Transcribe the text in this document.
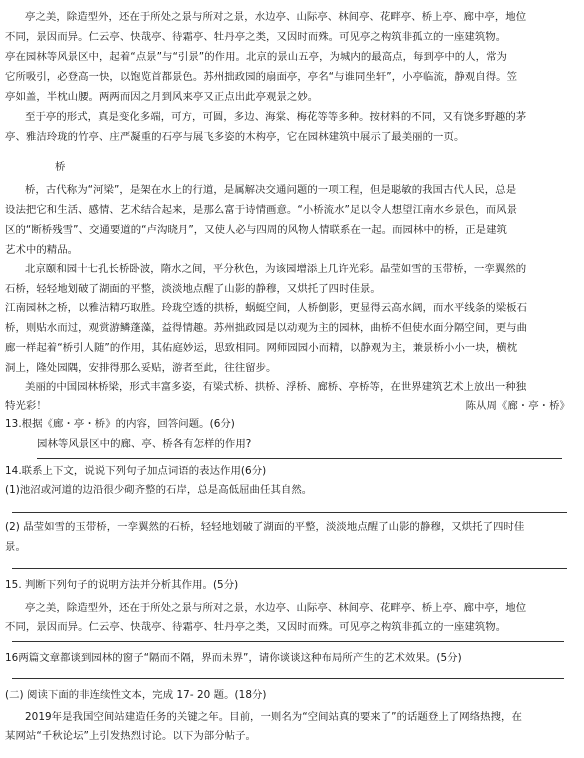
亭之美，除造型外，还在于所处之景与所对之景，水边亭、山际亭、林间亭、花畔亭、桥上亭、廊中亭，地位
不同，景因而异。仁云亭、快哉亭、待霜亭、牡丹亭之类，又因时而殊。可见亭之构筑非孤立的一座建筑物。
亭在园林等风景区中，起着“点景”与“引景”的作用。北京的景山五亭，为城内的最高点，每到亭中的人，常为
它所吸引，必登高一快，以饱览首都景色。苏州拙政园的扇面亭，亭名“与谁同坐轩”，小亭临流，静观自得。笠
亭如盖，半枕山腰。两两而因之月到风来亭又正点出此亭观景之妙。
至于亭的形式，真是变化多端，可方，可圆，多边、海棠、梅花等等多种。按材料的不同，又有饶多野趣的茅
亭、雅洁玲珑的竹亭、庄严凝重的石亭与展飞多姿的木构亭，它在园林建筑中展示了最美丽的一页。
桥
桥，古代称为“河梁”，是架在水上的行道，是属解决交通问题的一项工程，但是聪敏的我国古代人民，总是
设法把它和生活、感情、艺术结合起来，是那么富于诗情画意。“小桥流水”足以令人想望江南水乡景色，而风景
区的“断桥残雪”、交通要道的“卢沟晓月”，又使人必与四周的风物人情联系在一起。而园林中的桥，正是建筑
艺术中的精品。
北京颐和园十七孔长桥卧波，隋水之间，平分秋色，为该园增添上几许光彩。晶莹如雪的玉带桥，一孪翼然的
石桥，轻轻地划破了湖面的平整，淡淡地点醒了山影的静穆，又烘托了四时佳景。
江南园林之桥，以雅洁精巧取胜。玲珑空透的拱桥，蜗蜓空间，人桥倒影，更显得云高水阔，而水平线条的梁板石
桥，则贴水而过，观赏游鳞蓬藻，益得情趣。苏州拙政园是以动观为主的园林，曲桥不但使水面分隔空间，更与曲
廊一样起着“桥引人随”的作用，其佑庭妙运，思致相同。网师园园小而精，以静观为主，兼景桥小小一块，横枕
洞上，隆处园隅，安排得那么妥贴，游者至此，往往留步。
美丽的中国园林桥梁，形式丰富多姿，有梁式桥、拱桥、浮桥、廊桥、亭桥等，在世界建筑艺术上放出一种独
特光彩！	陈从周《廊・亭・桥》
13.根据《廊・亭・桥》的内容，回答问题。(6分)
园林等风景区中的廊、亭、桥各有怎样的作用?
14.联系上下文，说说下列句子加点词语的表达作用(6分)
(1)池沼或河道的边沿很少砌齐整的石岸，总是高低屈曲任其自然。
(2) 晶莹如雪的玉带桥，一孪翼然的石桥，轻轻地划破了湖面的平整，淡淡地点醒了山影的静穆，又烘托了四时佳
景。
15. 判断下列句子的说明方法并分析其作用。(5分)
亭之美，除造型外，还在于所处之景与所对之景，水边亭、山际亭、林间亭、花畔亭、桥上亭、廊中亭，地位
不同，景因而异。仁云亭、快哉亭、待霜亭、牡丹亭之类，又因时而殊。可见亭之构筑非孤立的一座建筑物。
16两篇文章都谈到园林的窗子“隔而不隔，界而未界”，请你谈谈这种布局所产生的艺术效果。(5分)
(二) 阅读下面的非连续性文本，完成 17- 20 题。(18分)
2019年是我国空间站建造任务的关键之年。目前，一则名为“空间站真的要来了”的话题登上了网络热搜，在
某网站“千秋论坛”上引发热烈讨论。以下为部分帖子。
